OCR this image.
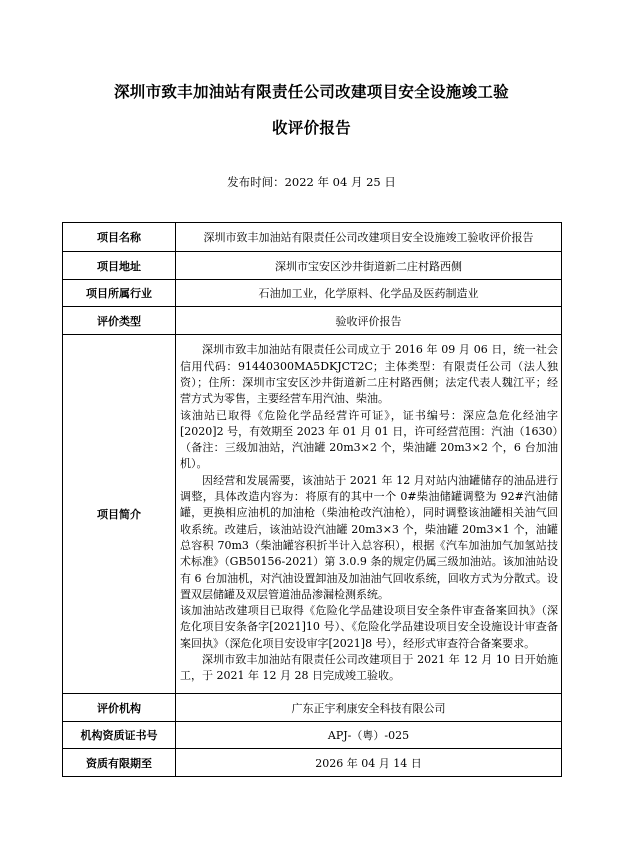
深圳市致丰加油站有限责任公司改建项目安全设施竣工验
收评价报告
发布时间：2022 年 04 月 25 日
项目名称	深圳市致丰加油站有限责任公司改建项目安全设施竣工验收评价报告
项目地址	深圳市宝安区沙井街道新二庄村路西侧
项目所属行业	石油加工业，化学原料、化学品及医药制造业
评价类型	验收评价报告
项目简介	深圳市致丰加油站有限责任公司成立于 2016 年 09 月 06 日，统一社会信用代码：91440300MA5DKJCT2C；主体类型：有限责任公司（法人独资）；住所：深圳市宝安区沙井街道新二庄村路西侧；法定代表人魏江平；经营方式为零售，主要经营车用汽油、柴油。

该油站已取得《危险化学品经营许可证》，证书编号：深应急危化经油字[2020]2 号，有效期至 2023 年 01 月 01 日，许可经营范围：汽油（1630）（备注：三级加油站，汽油罐 20m3×2 个，柴油罐 20m3×2 个，6 台加油机）。

因经营和发展需要，该油站于 2021 年 12 月对站内油罐储存的油品进行调整，具体改造内容为：将原有的其中一个 0#柴油储罐调整为 92#汽油储罐，更换相应油机的加油枪（柴油枪改汽油枪），同时调整该油罐相关油气回收系统。改建后，该油站设汽油罐 20m3×3 个，柴油罐 20m3×1 个，油罐总容积 70m3（柴油罐容积折半计入总容积），根据《汽车加油加气加氢站技术标准》（GB50156-2021）第 3.0.9 条的规定仍属三级加油站。该加油站设有 6 台加油机，对汽油设置卸油及加油油气回收系统，回收方式为分散式。设置双层储罐及双层管道油品渗漏检测系统。

该加油站改建项目已取得《危险化学品建设项目安全条件审查备案回执》（深危化项目安条备字[2021]10 号）、《危险化学品建设项目安全设施设计审查备案回执》（深危化项目安设审字[2021]8 号），经形式审查符合备案要求。

深圳市致丰加油站有限责任公司改建项目于 2021 年 12 月 10 日开始施工，于 2021 年 12 月 28 日完成竣工验收。

评价机构	广东正宇利康安全科技有限公司
机构资质证书号	APJ-（粤）-025
资质有限期至	2026 年 04 月 14 日
